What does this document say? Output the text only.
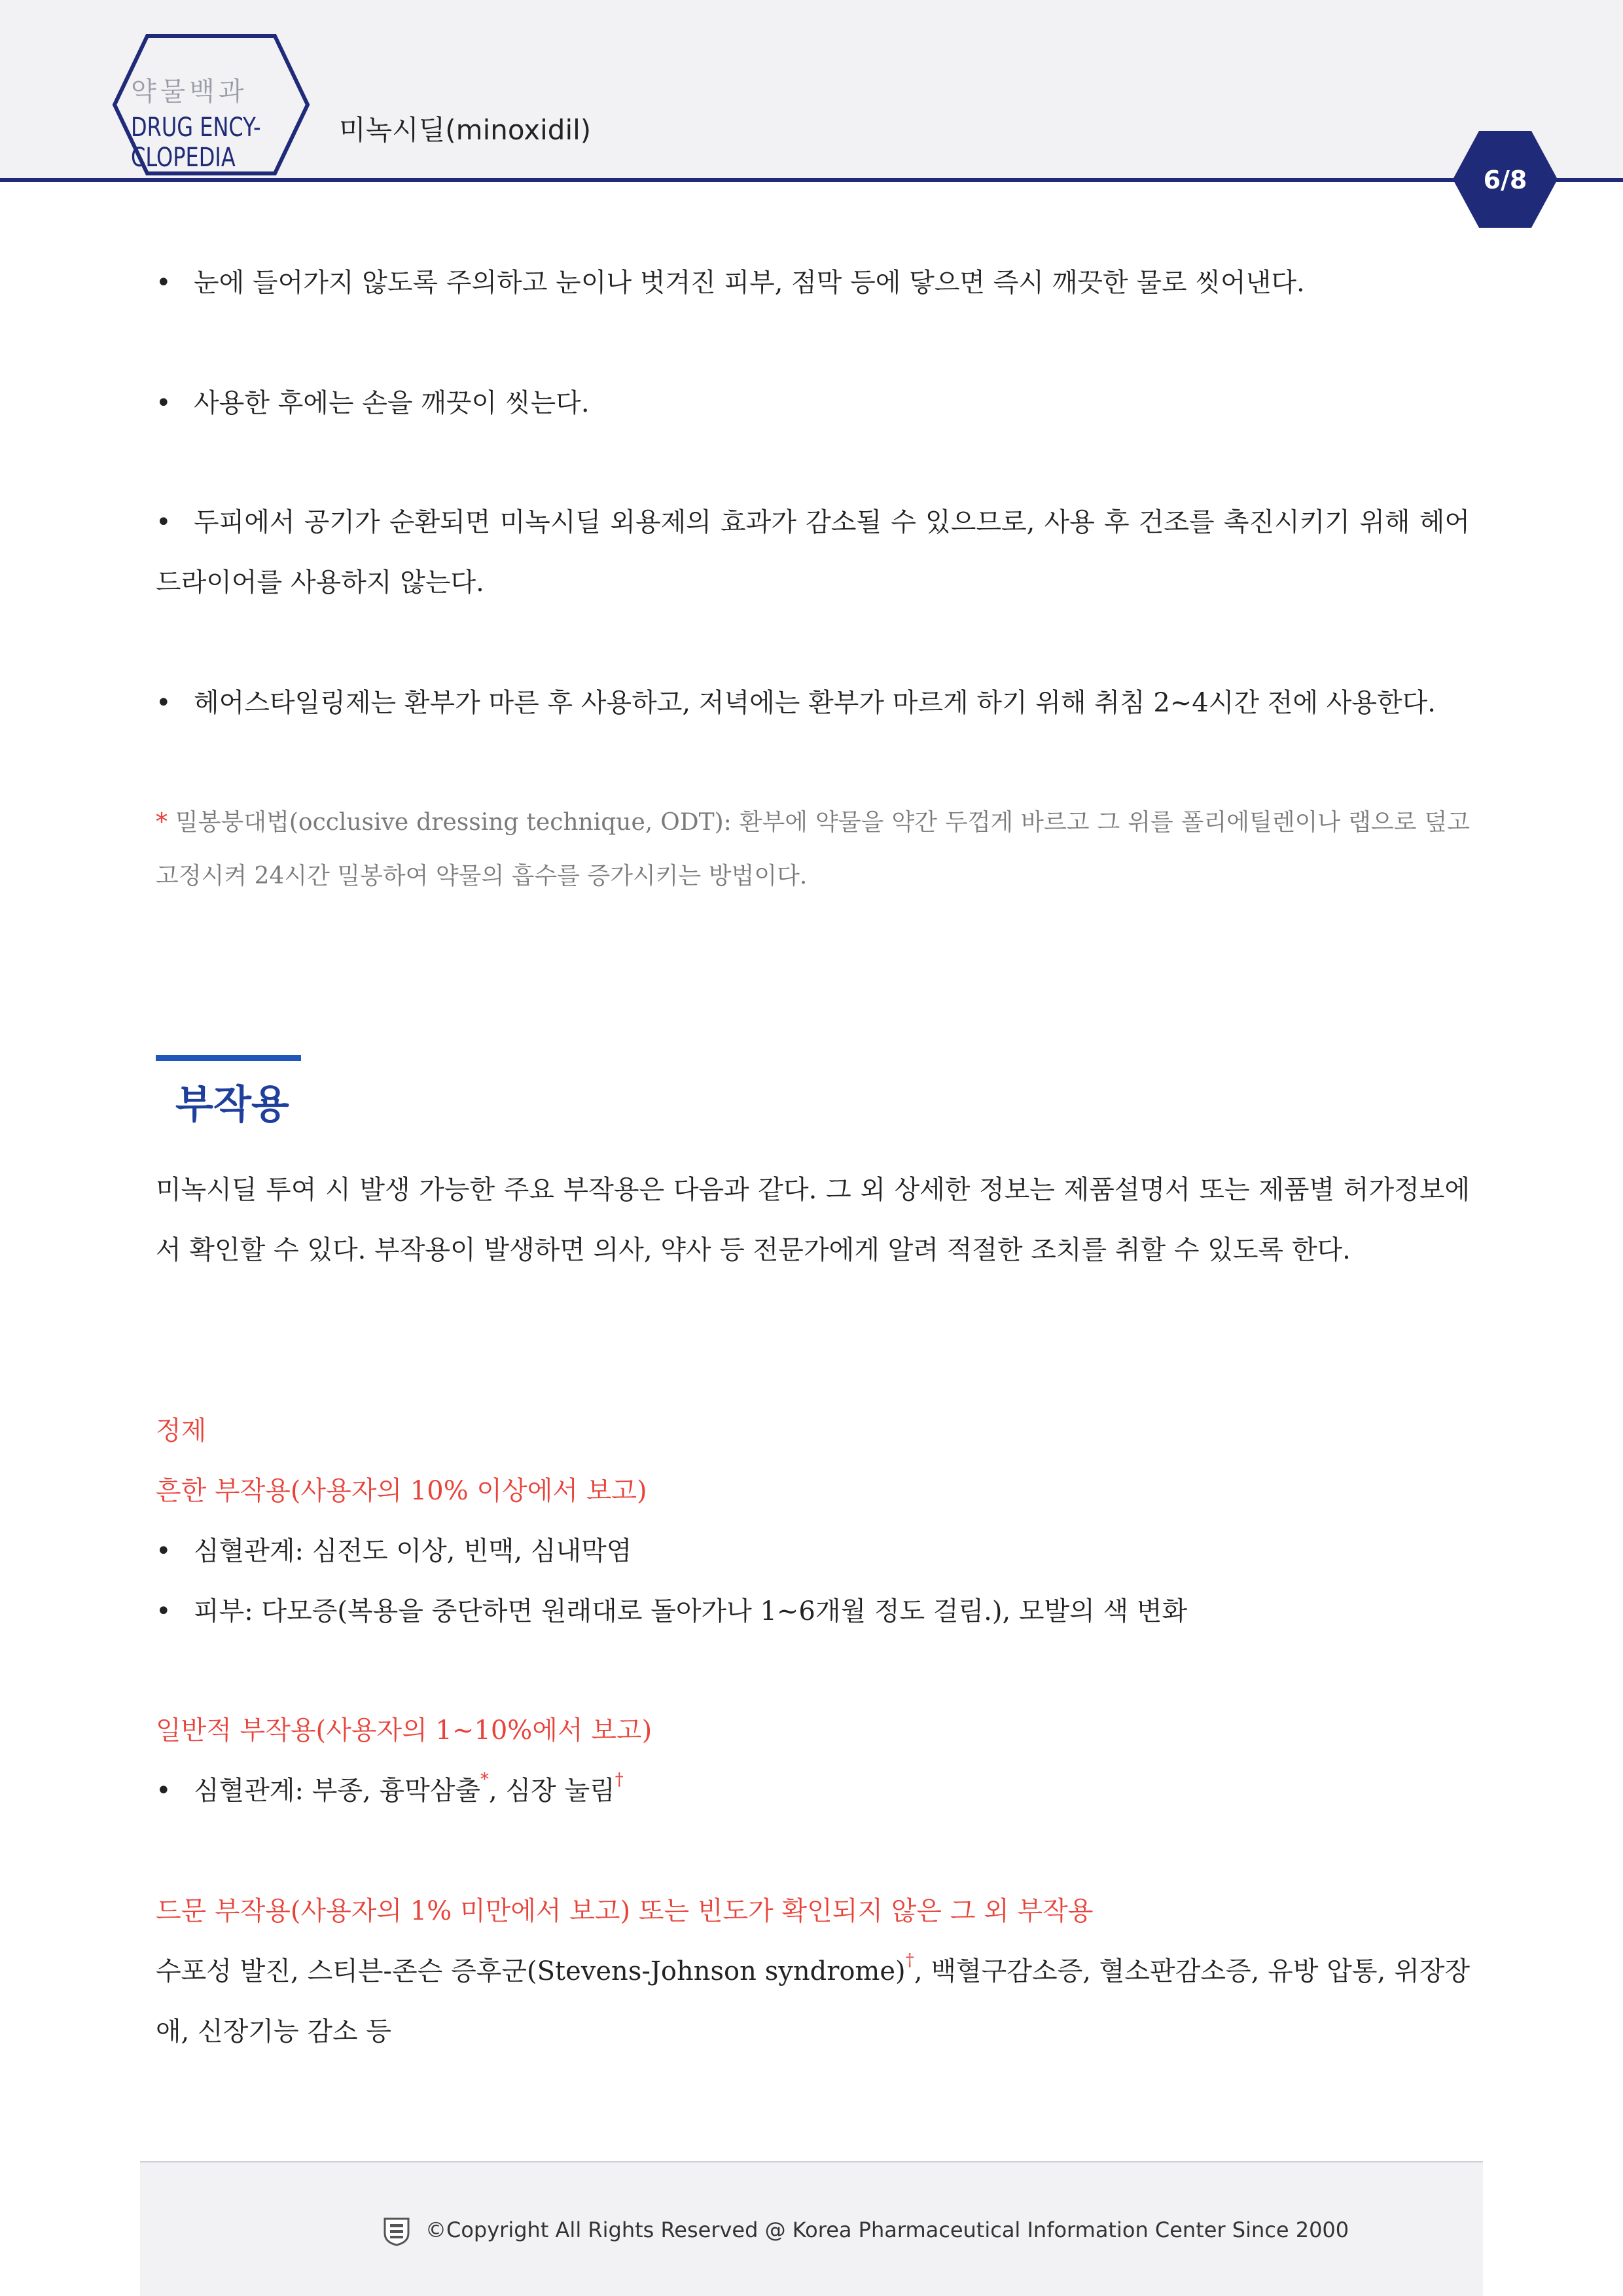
약물백과
DRUG ENCY-
CLOPEDIA
미녹시딜(minoxidil)
6/8
• 눈에 들어가지 않도록 주의하고 눈이나 벗겨진 피부, 점막 등에 닿으면 즉시 깨끗한 물로 씻어낸다.
• 사용한 후에는 손을 깨끗이 씻는다.
• 두피에서 공기가 순환되면 미녹시딜 외용제의 효과가 감소될 수 있으므로, 사용 후 건조를 촉진시키기 위해 헤어드라이어를 사용하지 않는다.
• 헤어스타일링제는 환부가 마른 후 사용하고, 저녁에는 환부가 마르게 하기 위해 취침 2~4시간 전에 사용한다.
* 밀봉붕대법(occlusive dressing technique, ODT): 환부에 약물을 약간 두껍게 바르고 그 위를 폴리에틸렌이나 랩으로 덮고 고정시켜 24시간 밀봉하여 약물의 흡수를 증가시키는 방법이다.
부작용
미녹시딜 투여 시 발생 가능한 주요 부작용은 다음과 같다. 그 외 상세한 정보는 제품설명서 또는 제품별 허가정보에서 확인할 수 있다. 부작용이 발생하면 의사, 약사 등 전문가에게 알려 적절한 조치를 취할 수 있도록 한다.
정제
흔한 부작용(사용자의 10% 이상에서 보고)
• 심혈관계: 심전도 이상, 빈맥, 심내막염
• 피부: 다모증(복용을 중단하면 원래대로 돌아가나 1~6개월 정도 걸림.), 모발의 색 변화
일반적 부작용(사용자의 1~10%에서 보고)
• 심혈관계: 부종, 흉막삼출*, 심장 눌림†
드문 부작용(사용자의 1% 미만에서 보고) 또는 빈도가 확인되지 않은 그 외 부작용
수포성 발진, 스티븐-존슨 증후군(Stevens-Johnson syndrome)†, 백혈구감소증, 혈소판감소증, 유방 압통, 위장장애, 신장기능 감소 등
©Copyright All Rights Reserved @ Korea Pharmaceutical Information Center Since 2000
